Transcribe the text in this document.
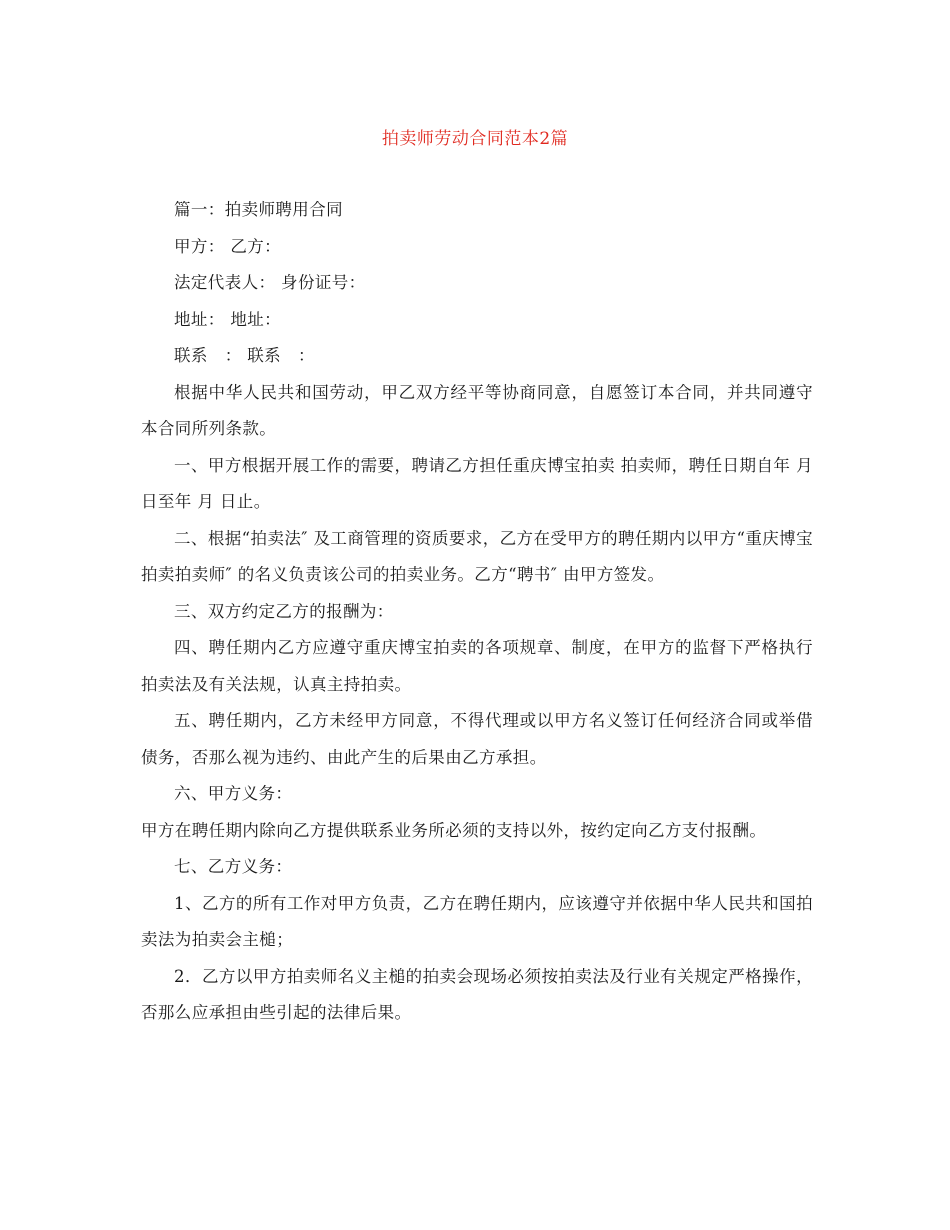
拍卖师劳动合同范本2篇

篇一：拍卖师聘用合同

甲方： 乙方：

法定代表人： 身份证号：

地址： 地址：

联系　： 联系　：

根据中华人民共和国劳动，甲乙双方经平等协商同意，自愿签订本合同，并共同遵守本合同所列条款。

一、甲方根据开展工作的需要，聘请乙方担任重庆博宝拍卖 拍卖师，聘任日期自年 月 日至年 月 日止。

二、根据“拍卖法″ 及工商管理的资质要求，乙方在受甲方的聘任期内以甲方“重庆博宝拍卖拍卖师″ 的名义负责该公司的拍卖业务。乙方“聘书″ 由甲方签发。

三、双方约定乙方的报酬为：

四、聘任期内乙方应遵守重庆博宝拍卖的各项规章、制度，在甲方的监督下严格执行拍卖法及有关法规，认真主持拍卖。

五、聘任期内，乙方未经甲方同意，不得代理或以甲方名义签订任何经济合同或举借债务，否那么视为违约、由此产生的后果由乙方承担。

六、甲方义务：

甲方在聘任期内除向乙方提供联系业务所必须的支持以外，按约定向乙方支付报酬。

七、乙方义务：

1、乙方的所有工作对甲方负责，乙方在聘任期内，应该遵守并依据中华人民共和国拍卖法为拍卖会主槌；

2．乙方以甲方拍卖师名义主槌的拍卖会现场必须按拍卖法及行业有关规定严格操作，否那么应承担由些引起的法律后果。
